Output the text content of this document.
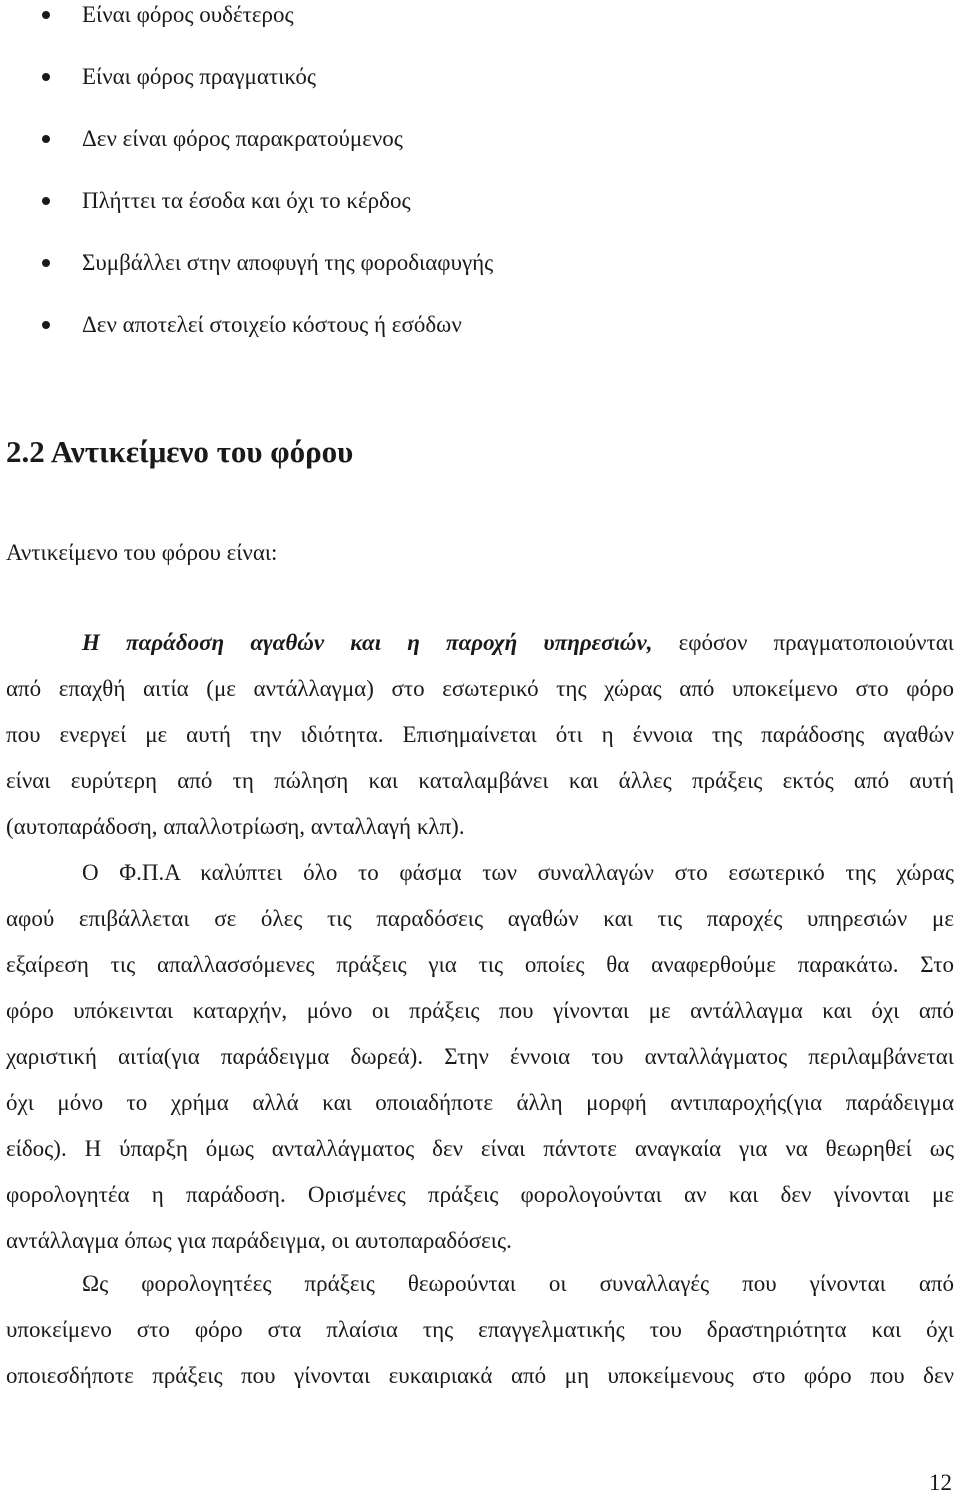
Είναι φόρος ουδέτερος
Είναι φόρος πραγματικός
Δεν είναι φόρος παρακρατούμενος
Πλήττει τα έσοδα και όχι το κέρδος
Συμβάλλει στην αποφυγή της φοροδιαφυγής
Δεν αποτελεί στοιχείο κόστους ή εσόδων
2.2 Αντικείμενο του φόρου

Αντικείμενο του φόρου είναι:

Η παράδοση αγαθών και η παροχή υπηρεσιών, εφόσον πραγματοποιούνται

από επαχθή αιτία (με αντάλλαγμα) στο εσωτερικό της χώρας από υποκείμενο στο φόρο

που ενεργεί με αυτή την ιδιότητα. Επισημαίνεται ότι η έννοια της παράδοσης αγαθών

είναι ευρύτερη από τη πώληση και καταλαμβάνει και άλλες πράξεις εκτός από αυτή

(αυτοπαράδοση, απαλλοτρίωση, ανταλλαγή κλπ).

Ο Φ.Π.Α καλύπτει όλο το φάσμα των συναλλαγών στο εσωτερικό της χώρας

αφού επιβάλλεται σε όλες τις παραδόσεις αγαθών και τις παροχές υπηρεσιών με

εξαίρεση τις απαλλασσόμενες πράξεις για τις οποίες θα αναφερθούμε παρακάτω. Στο

φόρο υπόκεινται καταρχήν, μόνο οι πράξεις που γίνονται με αντάλλαγμα και όχι από

χαριστική αιτία(για παράδειγμα δωρεά). Στην έννοια του ανταλλάγματος περιλαμβάνεται

όχι μόνο το χρήμα αλλά και οποιαδήποτε άλλη μορφή αντιπαροχής(για παράδειγμα

είδος). Η ύπαρξη όμως ανταλλάγματος δεν είναι πάντοτε αναγκαία για να θεωρηθεί ως

φορολογητέα η παράδοση. Ορισμένες πράξεις φορολογούνται αν και δεν γίνονται με

αντάλλαγμα όπως για παράδειγμα, οι αυτοπαραδόσεις.

Ως φορολογητέες πράξεις θεωρούνται οι συναλλαγές που γίνονται από

υποκείμενο στο φόρο στα πλαίσια της επαγγελματικής του δραστηριότητα και όχι

οποιεσδήποτε πράξεις που γίνονται ευκαιριακά από μη υποκείμενους στο φόρο που δεν

12
